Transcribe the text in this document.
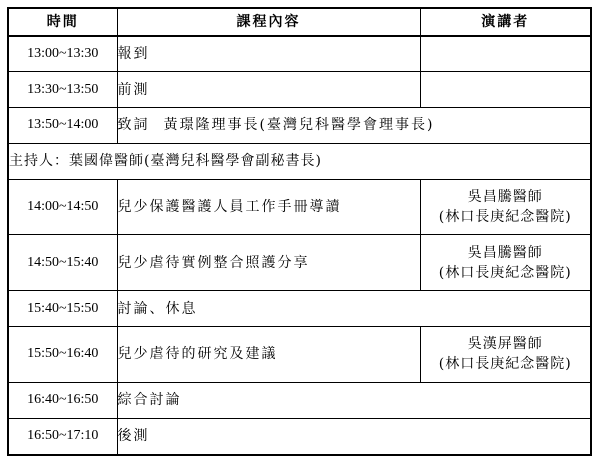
時間	課程內容	演講者
13:00~13:30	報到	
13:30~13:50	前測	
13:50~14:00	致詞 黃璟隆理事長(臺灣兒科醫學會理事長)	
主持人：葉國偉醫師(臺灣兒科醫學會副秘書長)		
14:00~14:50	兒少保護醫護人員工作手冊導讀	吳昌騰醫師
(林口長庚紀念醫院)

14:50~15:40	兒少虐待實例整合照護分享	吳昌騰醫師
(林口長庚紀念醫院)

15:40~15:50	討論、休息	
15:50~16:40	兒少虐待的研究及建議	吳漢屏醫師
(林口長庚紀念醫院)

16:40~16:50	綜合討論	
16:50~17:10	後測	
